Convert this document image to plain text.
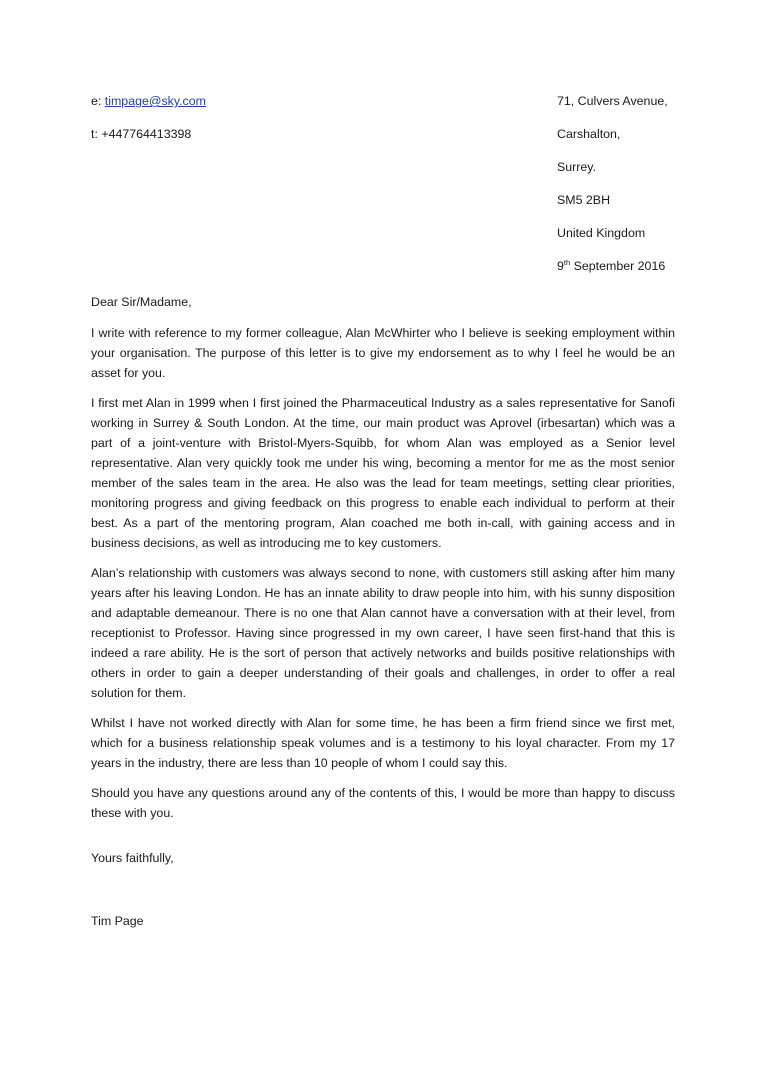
e: timpage@sky.com
t: +447764413398
71, Culvers Avenue,
Carshalton,
Surrey.
SM5 2BH
United Kingdom
9th September 2016
Dear Sir/Madame,

I write with reference to my former colleague, Alan McWhirter who I believe is seeking employment within your organisation. The purpose of this letter is to give my endorsement as to why I feel he would be an asset for you.

I first met Alan in 1999 when I first joined the Pharmaceutical Industry as a sales representative for Sanofi working in Surrey & South London. At the time, our main product was Aprovel (irbesartan) which was a part of a joint-venture with Bristol-Myers-Squibb, for whom Alan was employed as a Senior level representative. Alan very quickly took me under his wing, becoming a mentor for me as the most senior member of the sales team in the area. He also was the lead for team meetings, setting clear priorities, monitoring progress and giving feedback on this progress to enable each individual to perform at their best. As a part of the mentoring program, Alan coached me both in-call, with gaining access and in business decisions, as well as introducing me to key customers.

Alan’s relationship with customers was always second to none, with customers still asking after him many years after his leaving London. He has an innate ability to draw people into him, with his sunny disposition and adaptable demeanour. There is no one that Alan cannot have a conversation with at their level, from receptionist to Professor. Having since progressed in my own career, I have seen first-hand that this is indeed a rare ability. He is the sort of person that actively networks and builds positive relationships with others in order to gain a deeper understanding of their goals and challenges, in order to offer a real solution for them.

Whilst I have not worked directly with Alan for some time, he has been a firm friend since we first met, which for a business relationship speak volumes and is a testimony to his loyal character. From my 17 years in the industry, there are less than 10 people of whom I could say this.

Should you have any questions around any of the contents of this, I would be more than happy to discuss these with you.

Yours faithfully,
Tim Page
